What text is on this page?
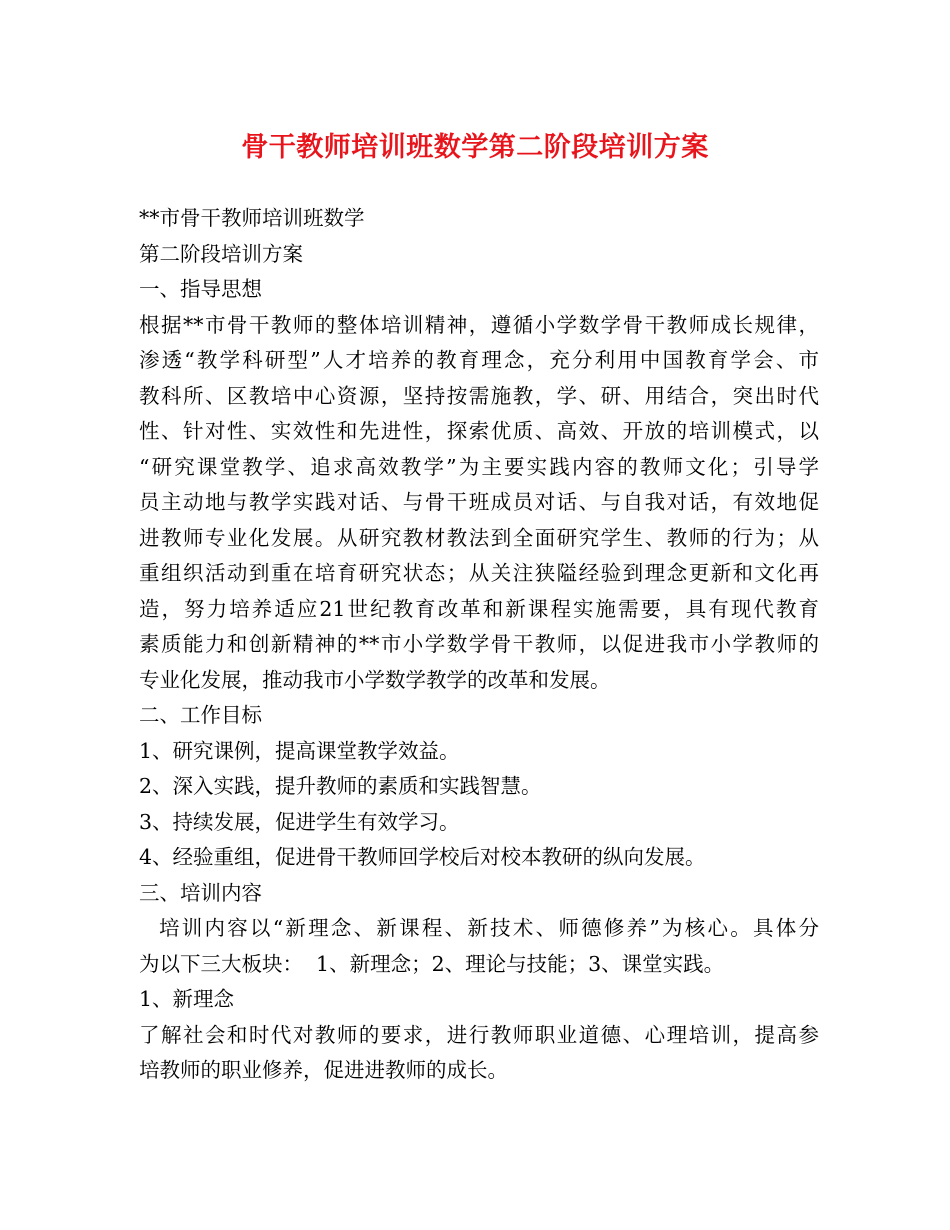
骨干教师培训班数学第二阶段培训方案
**市骨干教师培训班数学
第二阶段培训方案
一、指导思想
根据**市骨干教师的整体培训精神，遵循小学数学骨干教师成长规律，
渗透“教学科研型”人才培养的教育理念，充分利用中国教育学会、市
教科所、区教培中心资源，坚持按需施教，学、研、用结合，突出时代
性、针对性、实效性和先进性，探索优质、高效、开放的培训模式，以
“研究课堂教学、追求高效教学”为主要实践内容的教师文化；引导学
员主动地与教学实践对话、与骨干班成员对话、与自我对话，有效地促
进教师专业化发展。从研究教材教法到全面研究学生、教师的行为；从
重组织活动到重在培育研究状态；从关注狭隘经验到理念更新和文化再
造，努力培养适应21世纪教育改革和新课程实施需要，具有现代教育
素质能力和创新精神的**市小学数学骨干教师，以促进我市小学教师的
专业化发展，推动我市小学数学教学的改革和发展。
二、工作目标
1、研究课例，提高课堂教学效益。
2、深入实践，提升教师的素质和实践智慧。
3、持续发展，促进学生有效学习。
4、经验重组，促进骨干教师回学校后对校本教研的纵向发展。
三、培训内容
培训内容以“新理念、新课程、新技术、师德修养”为核心。具体分
为以下三大板块：  1、新理念；2、理论与技能；3、课堂实践。
1、新理念
了解社会和时代对教师的要求，进行教师职业道德、心理培训，提高参
培教师的职业修养，促进进教师的成长。
